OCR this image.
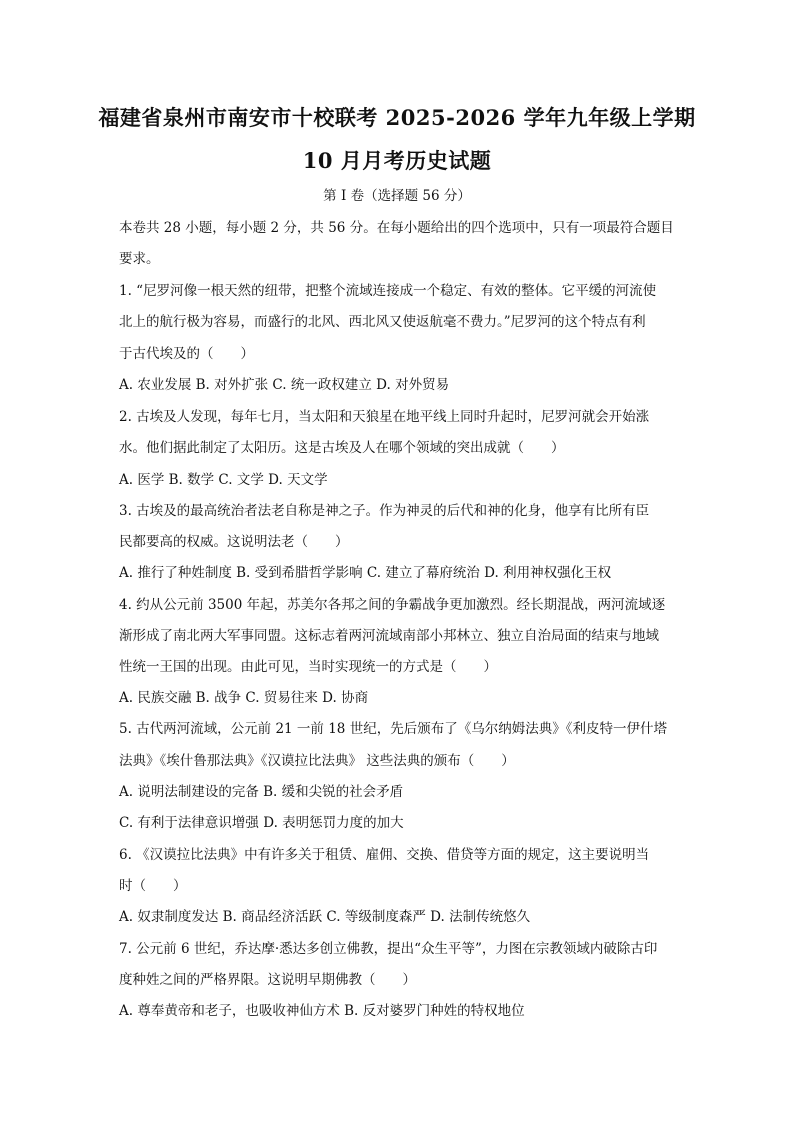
福建省泉州市南安市十校联考 2025-2026 学年九年级上学期
10 月月考历史试题
第 I 卷（选择题 56 分）
本卷共 28 小题，每小题 2 分，共 56 分。在每小题给出的四个选项中，只有一项最符合题目
要求。
1. “尼罗河像一根天然的纽带，把整个流域连接成一个稳定、有效的整体。它平缓的河流使
北上的航行极为容易，而盛行的北风、西北风又使返航毫不费力。”尼罗河的这个特点有利
于古代埃及的（　　）
A. 农业发展 B. 对外扩张 C. 统一政权建立 D. 对外贸易
2. 古埃及人发现，每年七月，当太阳和天狼星在地平线上同时升起时，尼罗河就会开始涨
水。他们据此制定了太阳历。这是古埃及人在哪个领域的突出成就（　　）
A. 医学 B. 数学 C. 文学 D. 天文学
3. 古埃及的最高统治者法老自称是神之子。作为神灵的后代和神的化身，他享有比所有臣
民都要高的权威。这说明法老（　　）
A. 推行了种姓制度 B. 受到希腊哲学影响 C. 建立了幕府统治 D. 利用神权强化王权
4. 约从公元前 3500 年起，苏美尔各邦之间的争霸战争更加激烈。经长期混战，两河流域逐
渐形成了南北两大军事同盟。这标志着两河流域南部小邦林立、独立自治局面的结束与地域
性统一王国的出现。由此可见，当时实现统一的方式是（　　）
A. 民族交融 B. 战争 C. 贸易往来 D. 协商
5. 古代两河流域，公元前 21 一前 18 世纪，先后颁布了《乌尔纳姆法典》《利皮特一伊什塔
法典》《埃什鲁那法典》《汉谟拉比法典》 这些法典的颁布（　　）
A. 说明法制建设的完备 B. 缓和尖锐的社会矛盾
C. 有利于法律意识增强 D. 表明惩罚力度的加大
6. 《汉谟拉比法典》中有许多关于租赁、雇佣、交换、借贷等方面的规定，这主要说明当
时（　　）
A. 奴隶制度发达 B. 商品经济活跃 C. 等级制度森严 D. 法制传统悠久
7. 公元前 6 世纪，乔达摩·悉达多创立佛教，提出“众生平等”，力图在宗教领域内破除古印
度种姓之间的严格界限。这说明早期佛教（　　）
A. 尊奉黄帝和老子，也吸收神仙方术 B. 反对婆罗门种姓的特权地位
